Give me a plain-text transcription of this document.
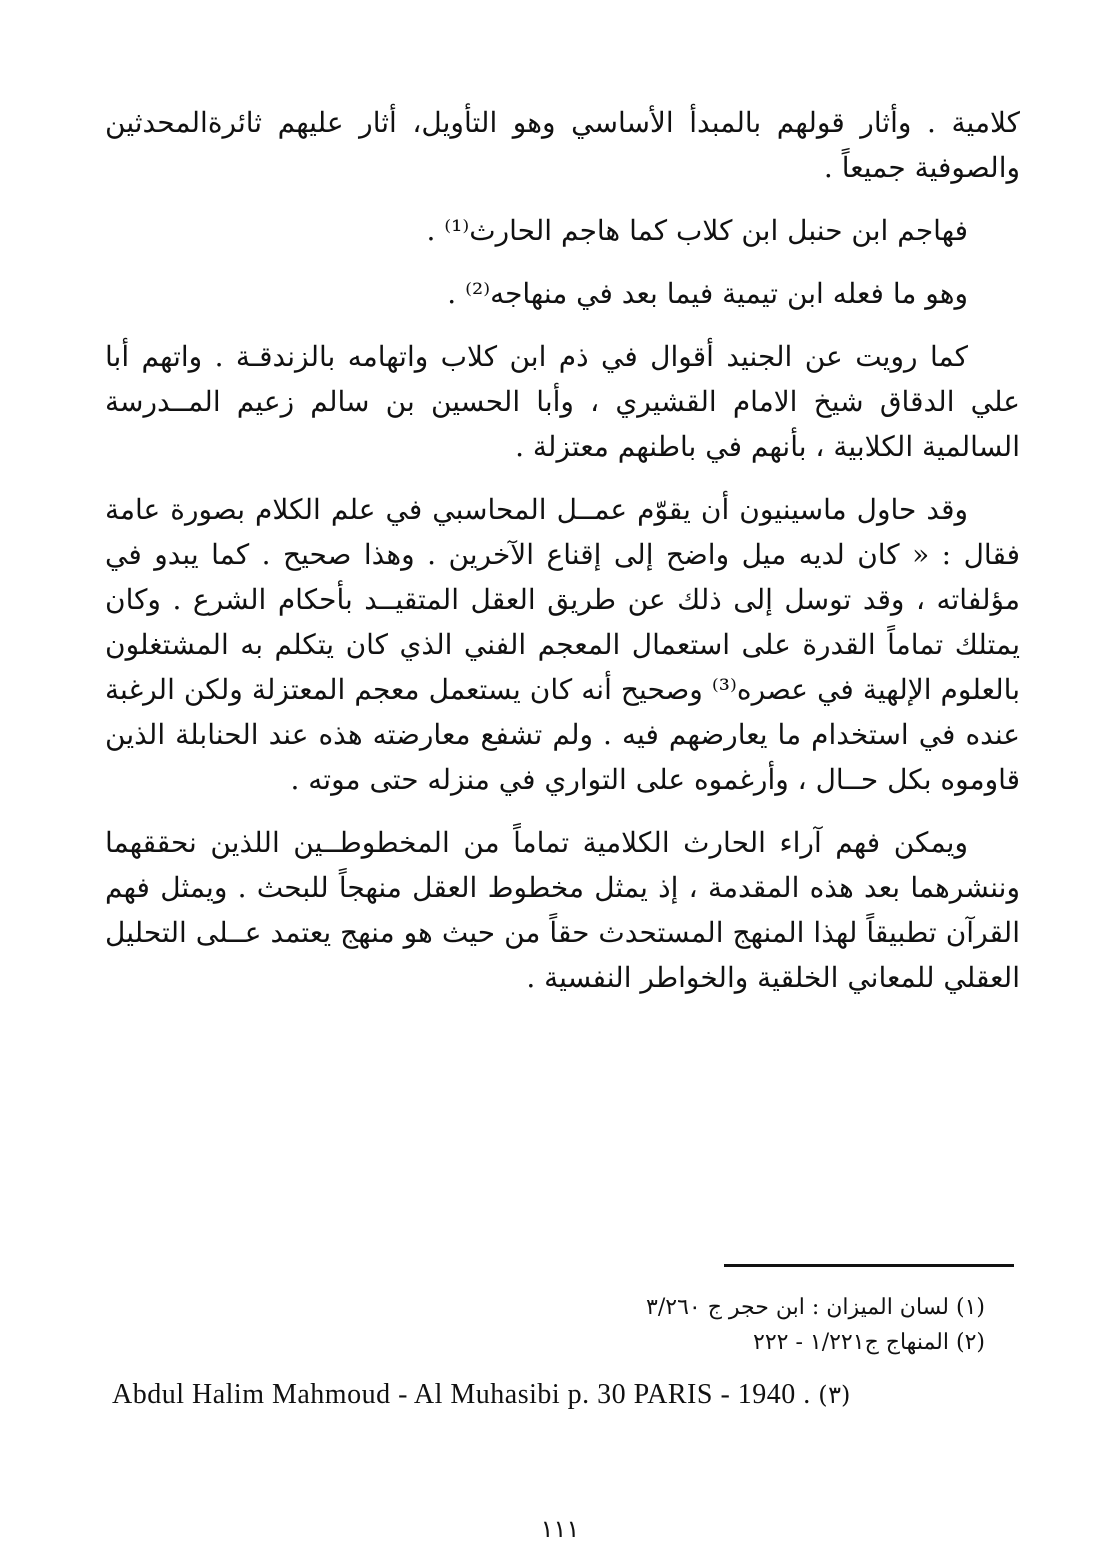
كلامية . وأثار قولهم بالمبدأ الأساسي وهو التأويل، أثار عليهم ثائرةالمحدثين والصوفية جميعاً .

فهاجم ابن حنبل ابن كلاب كما هاجم الحارث⁽¹⁾ .

وهو ما فعله ابن تيمية فيما بعد في منهاجه⁽²⁾ .

كما رويت عن الجنيد أقوال في ذم ابن كلاب واتهامه بالزندقـة . واتهم أبا علي الدقاق شيخ الامام القشيري ، وأبا الحسين بن سالم زعيم المــدرسة السالمية الكلابية ، بأنهم في باطنهم معتزلة .

وقد حاول ماسينيون أن يقوّم عمــل المحاسبي في علم الكلام بصورة عامة فقال : « كان لديه ميل واضح إلى إقناع الآخرين . وهذا صحيح . كما يبدو في مؤلفاته ، وقد توسل إلى ذلك عن طريق العقل المتقيــد بأحكام الشرع . وكان يمتلك تماماً القدرة على استعمال المعجم الفني الذي كان يتكلم به المشتغلون بالعلوم الإلهية في عصره⁽³⁾ وصحيح أنه كان يستعمل معجم المعتزلة ولكن الرغبة عنده في استخدام ما يعارضهم فيه . ولم تشفع معارضته هذه عند الحنابلة الذين قاوموه بكل حــال ، وأرغموه على التواري في منزله حتى موته .

ويمكن فهم آراء الحارث الكلامية تماماً من المخطوطــين اللذين نحققهما وننشرهما بعد هذه المقدمة ، إذ يمثل مخطوط العقل منهجاً للبحث . ويمثل فهم القرآن تطبيقاً لهذا المنهج المستحدث حقاً من حيث هو منهج يعتمد عــلى التحليل العقلي للمعاني الخلقية والخواطر النفسية .

(١) لسان الميزان : ابن حجر ج ٣/٢٦٠

(٢) المنهاج ج١/٢٢١ - ٢٢٢

Abdul Halim Mahmoud - Al Muhasibi p. 30 PARIS - 1940 . (٣)
١١١
